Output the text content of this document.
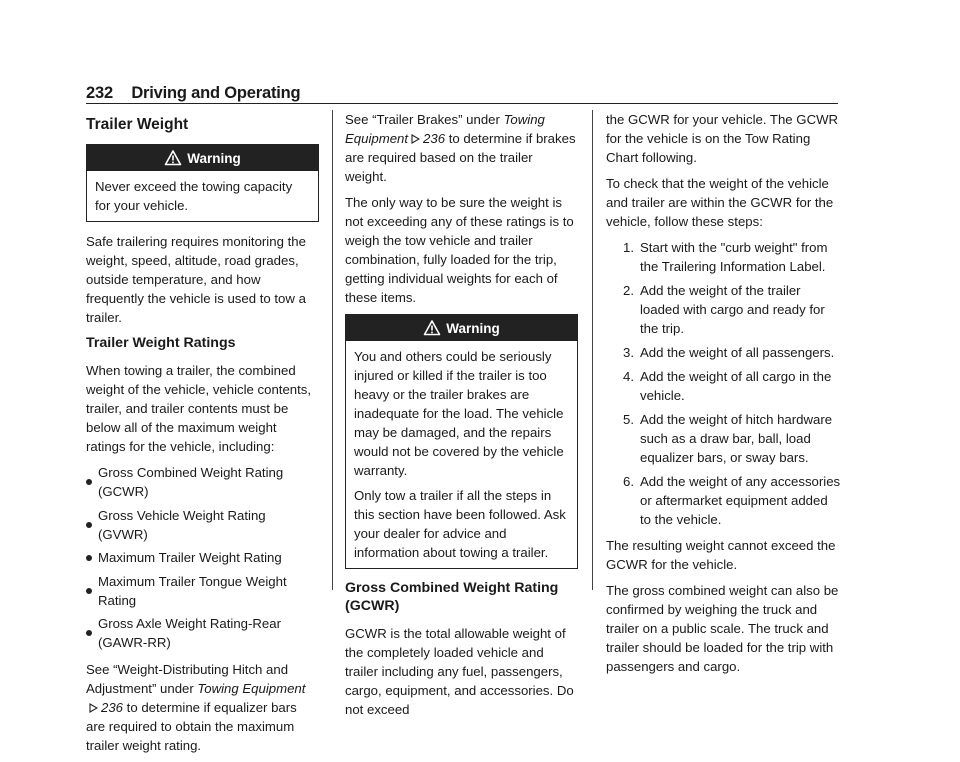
232 Driving and Operating
Trailer Weight
Warning

Never exceed the towing capacity for your vehicle.

Safe trailering requires monitoring the weight, speed, altitude, road grades, outside temperature, and how frequently the vehicle is used to tow a trailer.

Trailer Weight Ratings

When towing a trailer, the combined weight of the vehicle, vehicle contents, trailer, and trailer contents must be below all of the maximum weight ratings for the vehicle, including:

Gross Combined Weight Rating (GCWR)
Gross Vehicle Weight Rating (GVWR)
Maximum Trailer Weight Rating
Maximum Trailer Tongue Weight Rating
Gross Axle Weight Rating-Rear (GAWR-RR)

See “Weight-Distributing Hitch and Adjustment” under Towing Equipment236 to determine if equalizer bars are required to obtain the maximum trailer weight rating.

See “Trailer Brakes” under Towing Equipment 236 to determine if brakes are required based on the trailer weight.

The only way to be sure the weight is not exceeding any of these ratings is to weigh the tow vehicle and trailer combination, fully loaded for the trip, getting individual weights for each of these items.

Warning

You and others could be seriously injured or killed if the trailer is too heavy or the trailer brakes are inadequate for the load. The vehicle may be damaged, and the repairs would not be covered by the vehicle warranty.

Only tow a trailer if all the steps in this section have been followed. Ask your dealer for advice and information about towing a trailer.

Gross Combined Weight Rating (GCWR)

GCWR is the total allowable weight of the completely loaded vehicle and trailer including any fuel, passengers, cargo, equipment, and accessories. Do not exceed

the GCWR for your vehicle. The GCWR for the vehicle is on the Tow Rating Chart following.

To check that the weight of the vehicle and trailer are within the GCWR for the vehicle, follow these steps:

1. Start with the "curb weight" from the Trailering Information Label.
2. Add the weight of the trailer loaded with cargo and ready for the trip.
3. Add the weight of all passengers.
4. Add the weight of all cargo in the vehicle.
5. Add the weight of hitch hardware such as a draw bar, ball, load equalizer bars, or sway bars.
6. Add the weight of any accessories or aftermarket equipment added to the vehicle.

The resulting weight cannot exceed the GCWR for the vehicle.

The gross combined weight can also be confirmed by weighing the truck and trailer on a public scale. The truck and trailer should be loaded for the trip with passengers and cargo.
